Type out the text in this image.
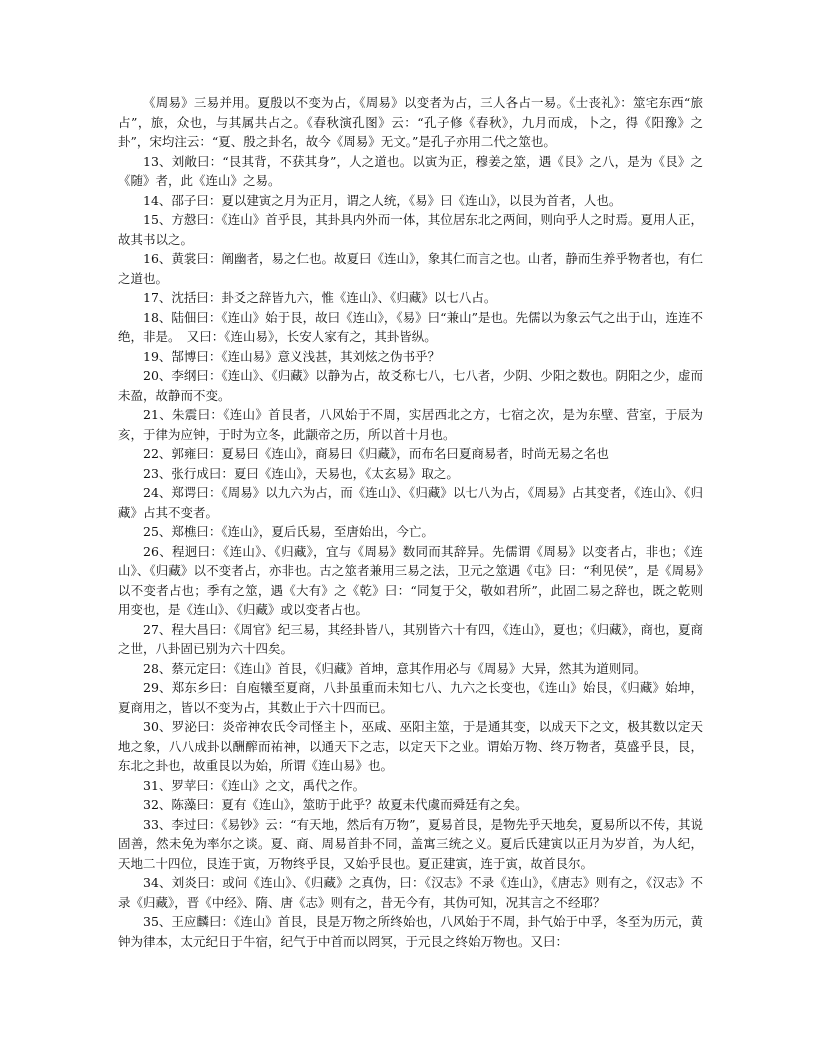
《周易》三易并用。夏殷以不变为占，《周易》以变者为占，三人各占一易。《士丧礼》：筮宅东西“旅占”，旅，众也，与其属共占之。《春秋演孔图》云：“孔子修《春秋》，九月而成，卜之，得《阳豫》之卦”，宋均注云：“夏、殷之卦名，故今《周易》无文。”是孔子亦用二代之筮也。

13、刘敞曰：“艮其背，不获其身”，人之道也。以寅为正，穆姜之筮，遇《艮》之八，是为《艮》之《随》者，此《连山》之易。

14、邵子曰：夏以建寅之月为正月，谓之人统，《易》曰《连山》，以艮为首者，人也。

15、方慤曰：《连山》首乎艮，其卦具内外而一体，其位居东北之两间，则向乎人之时焉。夏用人正，故其书以之。

16、黄裳曰：阐幽者，易之仁也。故夏曰《连山》，象其仁而言之也。山者，静而生养乎物者也，有仁之道也。

17、沈括曰：卦爻之辞皆九六，惟《连山》、《归藏》以七八占。

18、陆佃曰：《连山》始于艮，故曰《连山》，《易》曰“兼山”是也。先儒以为象云气之出于山，连连不绝，非是。　又曰：《连山易》，长安人家有之，其卦皆纵。

19、郜博曰：《连山易》意义浅甚，其刘炫之伪书乎？

20、李纲曰：《连山》、《归藏》以静为占，故爻称七八，七八者，少阴、少阳之数也。阴阳之少，虚而未盈，故静而不变。

21、朱震曰：《连山》首艮者，八风始于不周，实居西北之方，七宿之次，是为东壁、营室，于辰为亥，于律为应钟，于时为立冬，此颛帝之历，所以首十月也。

22、郭雍曰：夏易曰《连山》，商易曰《归藏》，而布名曰夏商易者，时尚无易之名也

23、张行成曰：夏曰《连山》，天易也，《太玄易》取之。

24、郑谔曰：《周易》以九六为占，而《连山》、《归藏》以七八为占，《周易》占其变者，《连山》、《归藏》占其不变者。

25、郑樵曰：《连山》，夏后氏易，至唐始出，今亡。

26、程迥曰：《连山》、《归藏》，宜与《周易》数同而其辞异。先儒谓《周易》以变者占，非也；《连山》、《归藏》以不变者占，亦非也。古之筮者兼用三易之法，卫元之筮遇《屯》曰：“利见侯”，是《周易》以不变者占也；季有之筮，遇《大有》之《乾》曰：“同复于父，敬如君所”，此固二易之辞也，既之乾则用变也，是《连山》、《归藏》或以变者占也。

27、程大昌曰：《周官》纪三易，其经卦皆八，其别皆六十有四，《连山》，夏也；《归藏》，商也，夏商之世，八卦固已别为六十四矣。

28、蔡元定曰：《连山》首艮，《归藏》首坤，意其作用必与《周易》大异，然其为道则同。

29、郑东乡曰：自庖犧至夏商，八卦虽重而未知七八、九六之长变也，《连山》始艮，《归藏》始坤，夏商用之，皆以不变为占，其数止于六十四而已。

30、罗泌曰：炎帝神农氏令司怪主卜，巫咸、巫阳主筮，于是通其变，以成天下之文，极其数以定天地之象，八八成卦以酬醡而祐神，以通天下之志，以定天下之业。谓始万物、终万物者，莫盛乎艮，艮，东北之卦也，故重艮以为始，所谓《连山易》也。

31、罗苹曰：《连山》之文，禹代之作。

32、陈藻曰：夏有《连山》，筮昉于此乎？故夏未代虞而舜廷有之矣。

33、李过曰：《易钞》云：“有天地，然后有万物”，夏易首艮，是物先乎天地矣，夏易所以不传，其说固善，然未免为率尔之谈。夏、商、周易首卦不同，盖寓三统之义。夏后氏建寅以正月为岁首，为人纪，天地二十四位，艮连于寅，万物终乎艮，又始乎艮也。夏正建寅，连于寅，故首艮尔。

34、刘炎曰：或问《连山》、《归藏》之真伪，曰：《汉志》不录《连山》，《唐志》则有之，《汉志》不录《归藏》，晋《中经》、隋、唐《志》则有之，昔无今有，其伪可知，况其言之不经耶？

35、王应麟曰：《连山》首艮，艮是万物之所终始也，八风始于不周，卦气始于中孚，冬至为历元，黄钟为律本，太元纪日于牛宿，纪气于中首而以罔冥，于元艮之终始万物也。又曰：
